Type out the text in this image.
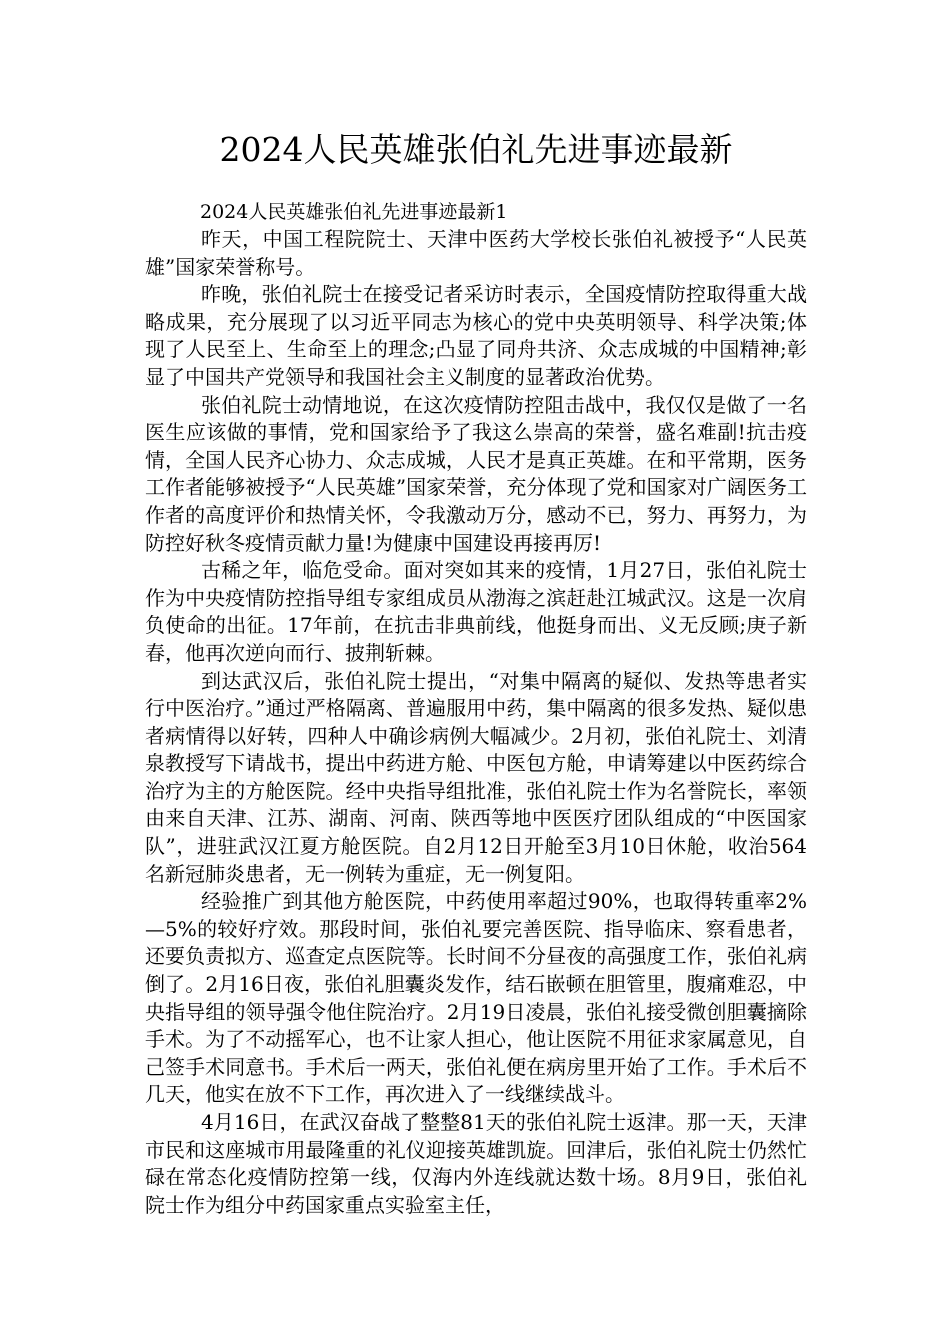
2024人民英雄张伯礼先进事迹最新

2024人民英雄张伯礼先进事迹最新1

昨天，中国工程院院士、天津中医药大学校长张伯礼被授予“人民英雄”国家荣誉称号。

昨晚，张伯礼院士在接受记者采访时表示，全国疫情防控取得重大战略成果，充分展现了以习近平同志为核心的党中央英明领导、科学决策;体现了人民至上、生命至上的理念;凸显了同舟共济、众志成城的中国精神;彰显了中国共产党领导和我国社会主义制度的显著政治优势。

张伯礼院士动情地说，在这次疫情防控阻击战中，我仅仅是做了一名医生应该做的事情，党和国家给予了我这么崇高的荣誉，盛名难副!抗击疫情，全国人民齐心协力、众志成城，人民才是真正英雄。在和平常期，医务工作者能够被授予“人民英雄”国家荣誉，充分体现了党和国家对广阔医务工作者的高度评价和热情关怀，令我激动万分，感动不已，努力、再努力，为防控好秋冬疫情贡献力量!为健康中国建设再接再厉!

古稀之年，临危受命。面对突如其来的疫情，1月27日，张伯礼院士作为中央疫情防控指导组专家组成员从渤海之滨赶赴江城武汉。这是一次肩负使命的出征。17年前，在抗击非典前线，他挺身而出、义无反顾;庚子新春，他再次逆向而行、披荆斩棘。

到达武汉后，张伯礼院士提出，“对集中隔离的疑似、发热等患者实行中医治疗。”通过严格隔离、普遍服用中药，集中隔离的很多发热、疑似患者病情得以好转，四种人中确诊病例大幅减少。2月初，张伯礼院士、刘清泉教授写下请战书，提出中药进方舱、中医包方舱，申请筹建以中医药综合治疗为主的方舱医院。经中央指导组批准，张伯礼院士作为名誉院长，率领由来自天津、江苏、湖南、河南、陕西等地中医医疗团队组成的“中医国家队”，进驻武汉江夏方舱医院。自2月12日开舱至3月10日休舱，收治564名新冠肺炎患者，无一例转为重症，无一例复阳。

经验推广到其他方舱医院，中药使用率超过90%，也取得转重率2%—5%的较好疗效。那段时间，张伯礼要完善医院、指导临床、察看患者，还要负责拟方、巡查定点医院等。长时间不分昼夜的高强度工作，张伯礼病倒了。2月16日夜，张伯礼胆囊炎发作，结石嵌顿在胆管里，腹痛难忍，中央指导组的领导强令他住院治疗。2月19日凌晨，张伯礼接受微创胆囊摘除手术。为了不动摇军心，也不让家人担心，他让医院不用征求家属意见，自己签手术同意书。手术后一两天，张伯礼便在病房里开始了工作。手术后不几天，他实在放不下工作，再次进入了一线继续战斗。

4月16日，在武汉奋战了整整81天的张伯礼院士返津。那一天，天津市民和这座城市用最隆重的礼仪迎接英雄凯旋。回津后，张伯礼院士仍然忙碌在常态化疫情防控第一线，仅海内外连线就达数十场。8月9日，张伯礼院士作为组分中药国家重点实验室主任，
